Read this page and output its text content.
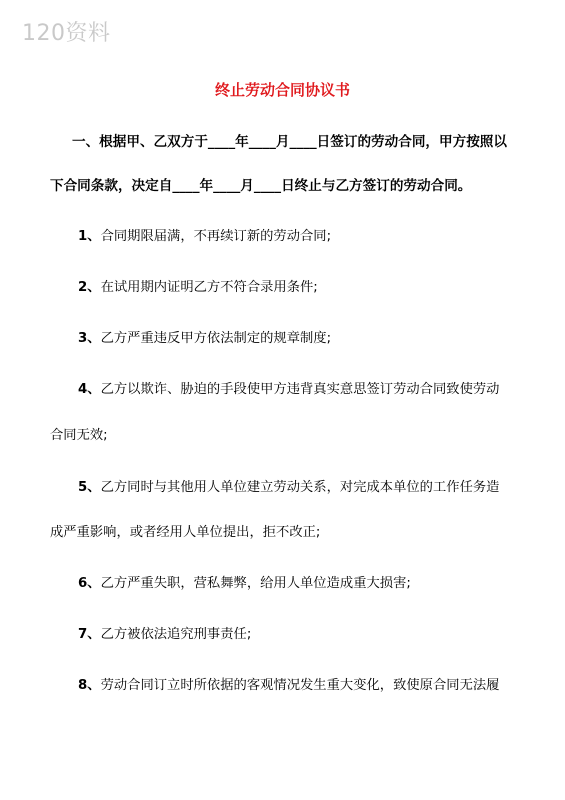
120资料
终止劳动合同协议书
一、根据甲、乙双方于____年____月____日签订的劳动合同，甲方按照以
下合同条款，决定自____年____月____日终止与乙方签订的劳动合同。
1、合同期限届满，不再续订新的劳动合同;
2、在试用期内证明乙方不符合录用条件;
3、乙方严重违反甲方依法制定的规章制度;
4、乙方以欺诈、胁迫的手段使甲方违背真实意思签订劳动合同致使劳动
合同无效;
5、乙方同时与其他用人单位建立劳动关系，对完成本单位的工作任务造
成严重影响，或者经用人单位提出，拒不改正;
6、乙方严重失职，营私舞弊，给用人单位造成重大损害;
7、乙方被依法追究刑事责任;
8、劳动合同订立时所依据的客观情况发生重大变化，致使原合同无法履
